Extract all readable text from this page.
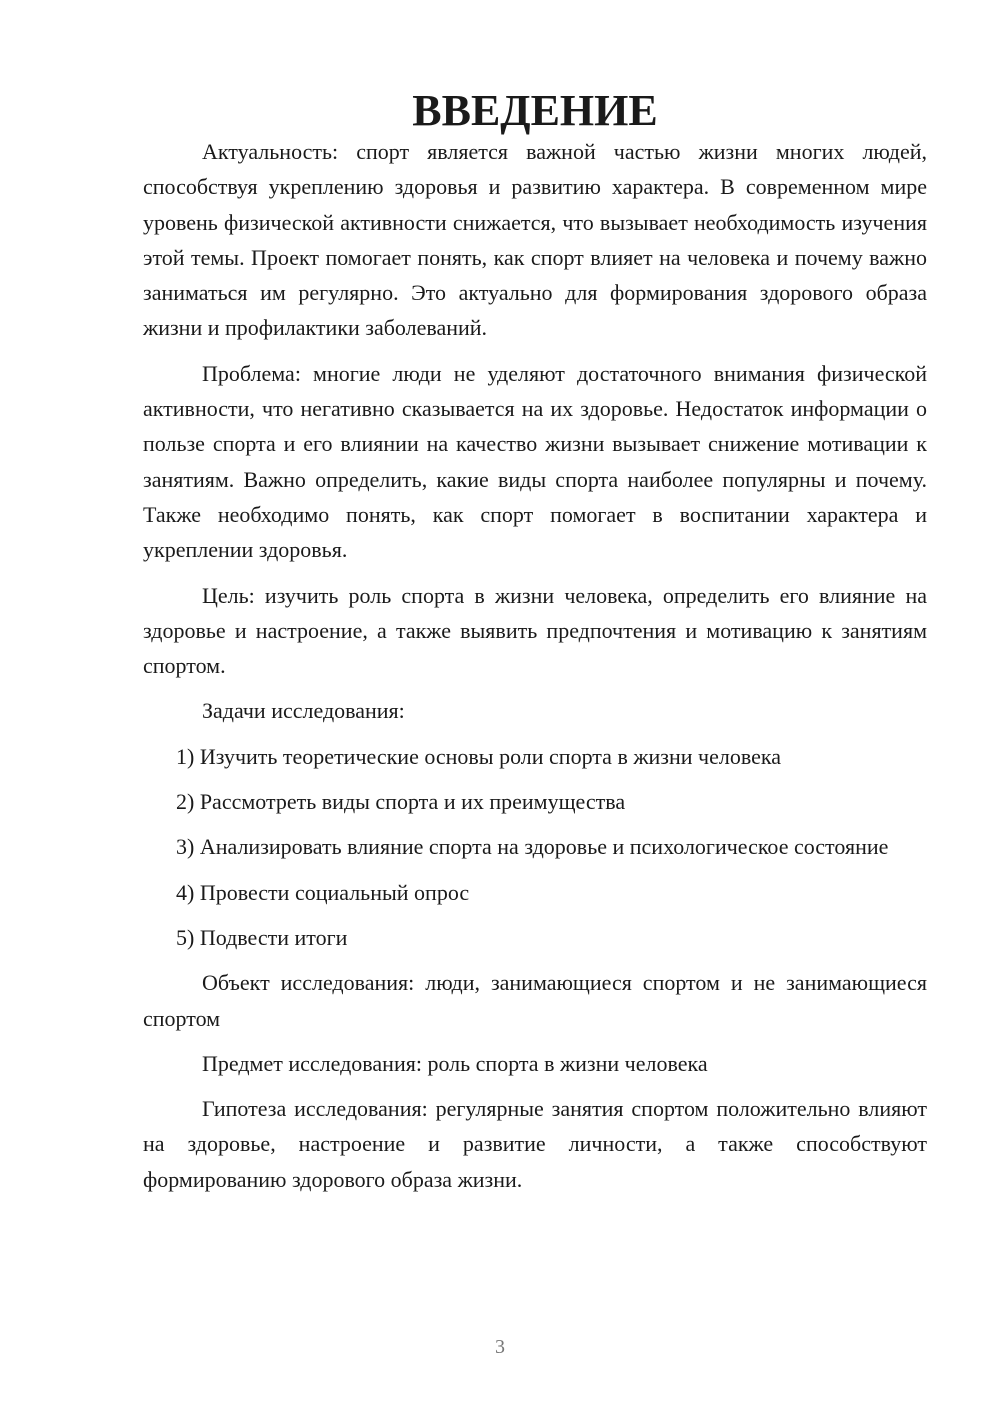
ВВЕДЕНИЕ

Актуальность: спорт является важной частью жизни многих людей, способствуя укреплению здоровья и развитию характера. В современном мире уровень физической активности снижается, что вызывает необходимость изучения этой темы. Проект помогает понять, как спорт влияет на человека и почему важно заниматься им регулярно. Это актуально для формирования здорового образа жизни и профилактики заболеваний.

Проблема: многие люди не уделяют достаточного внимания физической активности, что негативно сказывается на их здоровье. Недостаток информации о пользе спорта и его влиянии на качество жизни вызывает снижение мотивации к занятиям. Важно определить, какие виды спорта наиболее популярны и почему. Также необходимо понять, как спорт помогает в воспитании характера и укреплении здоровья.

Цель: изучить роль спорта в жизни человека, определить его влияние на здоровье и настроение, а также выявить предпочтения и мотивацию к занятиям спортом.

Задачи исследования:

1) Изучить теоретические основы роли спорта в жизни человека

2) Рассмотреть виды спорта и их преимущества

3) Анализировать влияние спорта на здоровье и психологическое состояние

4) Провести социальный опрос

5) Подвести итоги

Объект исследования: люди, занимающиеся спортом и не занимающиеся спортом

Предмет исследования: роль спорта в жизни человека

Гипотеза исследования: регулярные занятия спортом положительно влияют на здоровье, настроение и развитие личности, а также способствуют формированию здорового образа жизни.

3
